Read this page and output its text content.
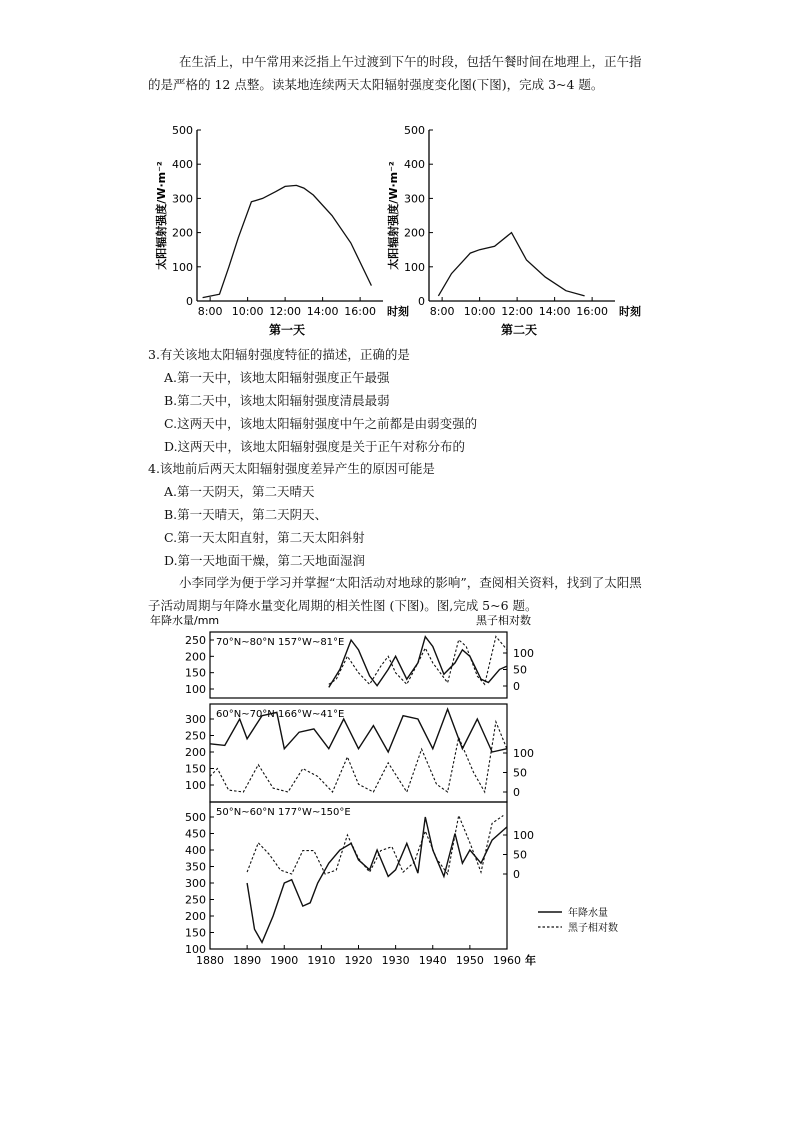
在生活上，中午常用来泛指上午过渡到下午的时段，包括午餐时间在地理上，正午指的是严格的 12 点整。读某地连续两天太阳辐射强度变化图(下图)，完成 3~4 题。

0
100
200
300
400
500
8:00 10:00 12:00 14:00 16:00 时刻
太阳辐射强度/W·m⁻²
第一天
0
100
200
300
400
500
8:00 10:00 12:00 14:00 16:00 时刻
太阳辐射强度/W·m⁻²
第二天
3.有关该地太阳辐射强度特征的描述，正确的是
A.第一天中，该地太阳辐射强度正午最强
B.第二天中，该地太阳辐射强度清晨最弱
C.这两天中，该地太阳辐射强度中午之前都是由弱变强的
D.这两天中，该地太阳辐射强度是关于正午对称分布的
4.该地前后两天太阳辐射强度差异产生的原因可能是
A.第一天阴天，第二天晴天
B.第一天晴天，第二天阴天、
C.第一天太阳直射，第二天太阳斜射
D.第一天地面干燥，第二天地面湿润

小李同学为便于学习并掌握“太阳活动对地球的影响”，查阅相关资料，找到了太阳黑子活动周期与年降水量变化周期的相关性图 (下图)。图,完成 5~6 题。

年降水量/mm	黑子相对数
70°N~80°N 157°W~81°E
100
150
200
250
0
50
100
60°N~70°N 166°W~41°E
100
150
200
250
300
0
50
100
50°N~60°N 177°W~150°E
100
150
200
250
300
350
400
450
500
0
50
100
1880 1890 1900 1910 1920 1930 1940 1950 1960 年
年降水量
黑子相对数
